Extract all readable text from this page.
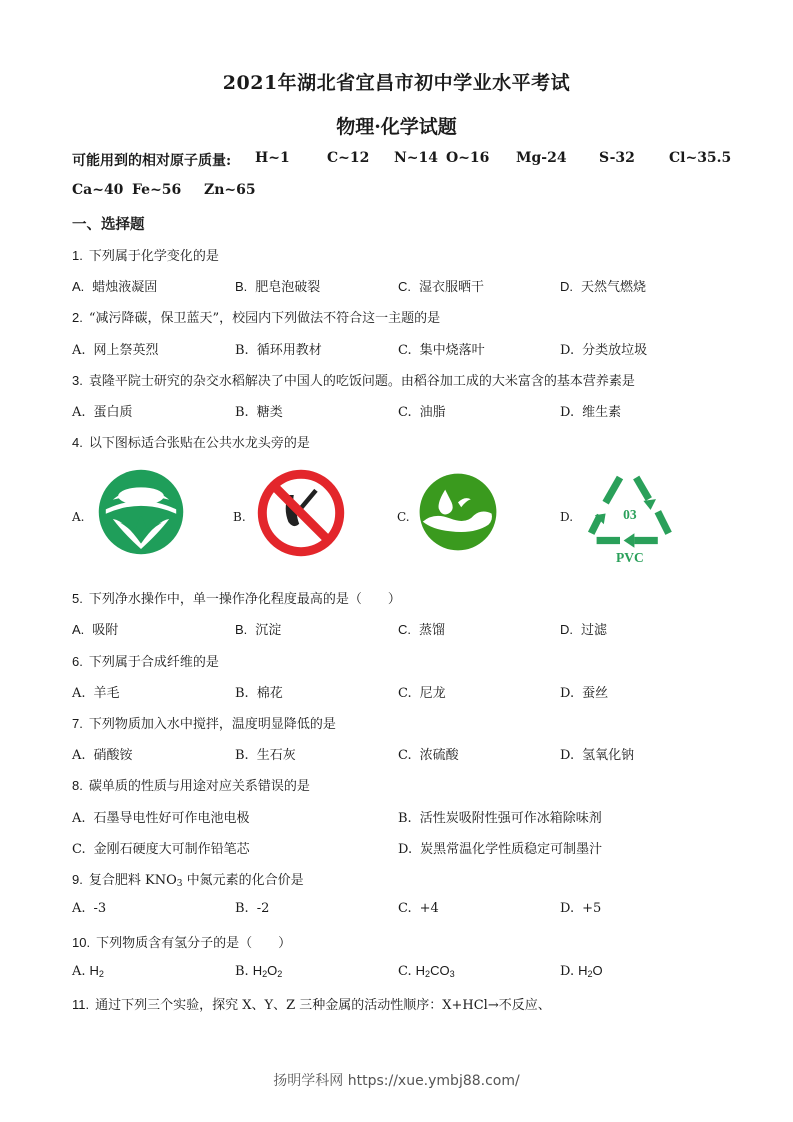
2021年湖北省宜昌市初中学业水平考试
物理·化学试题
可能用到的相对原子质量: H~1	C~12 N~14 O~16 Mg-24 S-32 Cl~35.5
Ca~40 Fe~56 Zn~65
一、选择题
1. 下列属于化学变化的是
A. 蜡烛液凝固	B. 肥皂泡破裂	C. 湿衣服晒干	D. 天然气燃烧
2. “减污降碳，保卫蓝天”，校园内下列做法不符合这一主题的是
A. 网上祭英烈	B. 循环用教材	C. 集中烧落叶	D. 分类放垃圾
3. 袁隆平院士研究的杂交水稻解决了中国人的吃饭问题。由稻谷加工成的大米富含的基本营养素是
A. 蛋白质	B. 糖类	C. 油脂	D. 维生素
4. 以下图标适合张贴在公共水龙头旁的是
A.	B.	C.	D.	03
PVC
5. 下列净水操作中，单一操作净化程度最高的是（　　）
A. 吸附	B. 沉淀	C. 蒸馏	D. 过滤
6. 下列属于合成纤维的是
A. 羊毛	B. 棉花	C. 尼龙	D. 蚕丝
7. 下列物质加入水中搅拌，温度明显降低的是
A. 硝酸铵	B. 生石灰	C. 浓硫酸	D. 氢氧化钠
8. 碳单质的性质与用途对应关系错误的是
A. 石墨导电性好可作电池电极	B. 活性炭吸附性强可作冰箱除味剂
C. 金刚石硬度大可制作铅笔芯	D. 炭黑常温化学性质稳定可制墨汁
9. 复合肥料 $KNO_3$ 中氮元素的化合价是
A. -3	B. -2	C. +4	D. +5
10. 下列物质含有氢分子的是（　　）
A. $H_2$	B. $H_2O_2$	C. $H_2CO_3$	D. $H_2O$
11. 通过下列三个实验，探究 X、Y、Z 三种金属的活动性顺序：X+HCl→不反应、
扬明学科网 https://xue.ymbj88.com/
